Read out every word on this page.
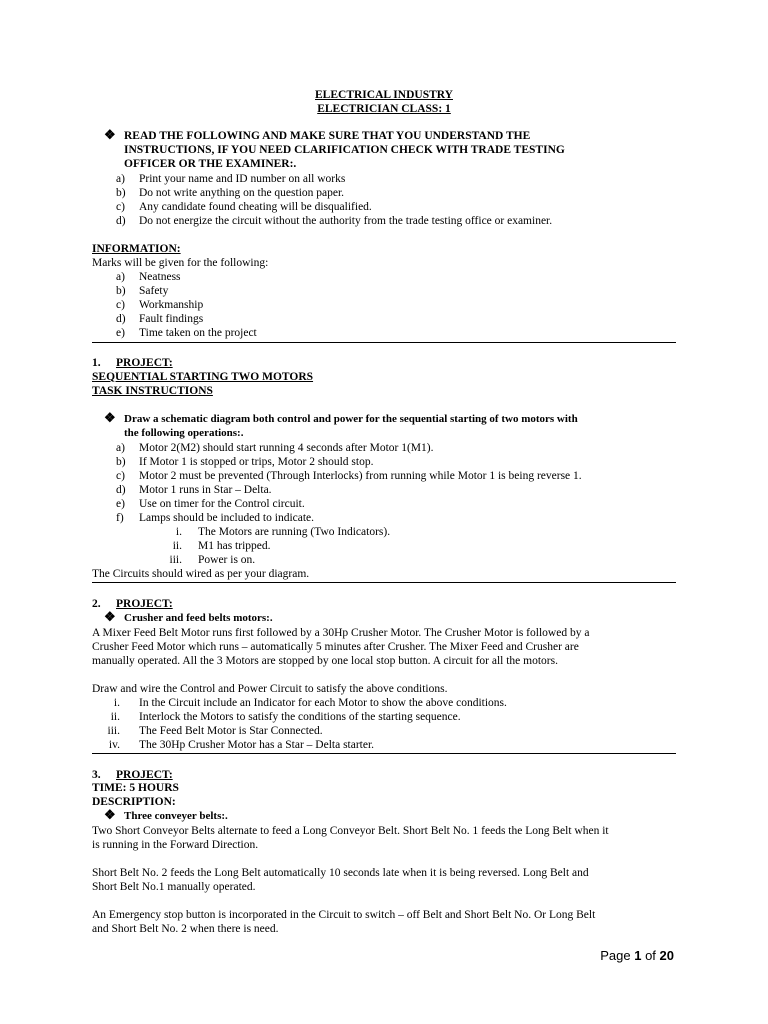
ELECTRICAL INDUSTRY
ELECTRICIAN CLASS: 1
❖ READ THE FOLLOWING AND MAKE SURE THAT YOU UNDERSTAND THE
INSTRUCTIONS, IF YOU NEED CLARIFICATION CHECK WITH TRADE TESTING
OFFICER OR THE EXAMINER:.
a) Print your name and ID number on all works
b) Do not write anything on the question paper.
c) Any candidate found cheating will be disqualified.
d) Do not energize the circuit without the authority from the trade testing office or examiner.
INFORMATION:
Marks will be given for the following:
a) Neatness
b) Safety
c) Workmanship
d) Fault findings
e) Time taken on the project
1. PROJECT:
SEQUENTIAL STARTING TWO MOTORS
TASK INSTRUCTIONS
❖ Draw a schematic diagram both control and power for the sequential starting of two motors with
the following operations:.
a) Motor 2(M2) should start running 4 seconds after Motor 1(M1).
b) If Motor 1 is stopped or trips, Motor 2 should stop.
c) Motor 2 must be prevented (Through Interlocks) from running while Motor 1 is being reverse 1.
d) Motor 1 runs in Star – Delta.
e) Use on timer for the Control circuit.
f) Lamps should be included to indicate.
i. The Motors are running (Two Indicators).
ii. M1 has tripped.
iii. Power is on.
The Circuits should wired as per your diagram.
2. PROJECT:
❖ Crusher and feed belts motors:.
A Mixer Feed Belt Motor runs first followed by a 30Hp Crusher Motor. The Crusher Motor is followed by a
Crusher Feed Motor which runs – automatically 5 minutes after Crusher. The Mixer Feed and Crusher are
manually operated. All the 3 Motors are stopped by one local stop button. A circuit for all the motors.
Draw and wire the Control and Power Circuit to satisfy the above conditions.
i. In the Circuit include an Indicator for each Motor to show the above conditions.
ii. Interlock the Motors to satisfy the conditions of the starting sequence.
iii. The Feed Belt Motor is Star Connected.
iv. The 30Hp Crusher Motor has a Star – Delta starter.
3. PROJECT:
TIME: 5 HOURS
DESCRIPTION:
❖ Three conveyer belts:.
Two Short Conveyor Belts alternate to feed a Long Conveyor Belt. Short Belt No. 1 feeds the Long Belt when it
is running in the Forward Direction.
Short Belt No. 2 feeds the Long Belt automatically 10 seconds late when it is being reversed. Long Belt and
Short Belt No.1 manually operated.
An Emergency stop button is incorporated in the Circuit to switch – off Belt and Short Belt No. Or Long Belt
and Short Belt No. 2 when there is need.
Page 1 of 20
